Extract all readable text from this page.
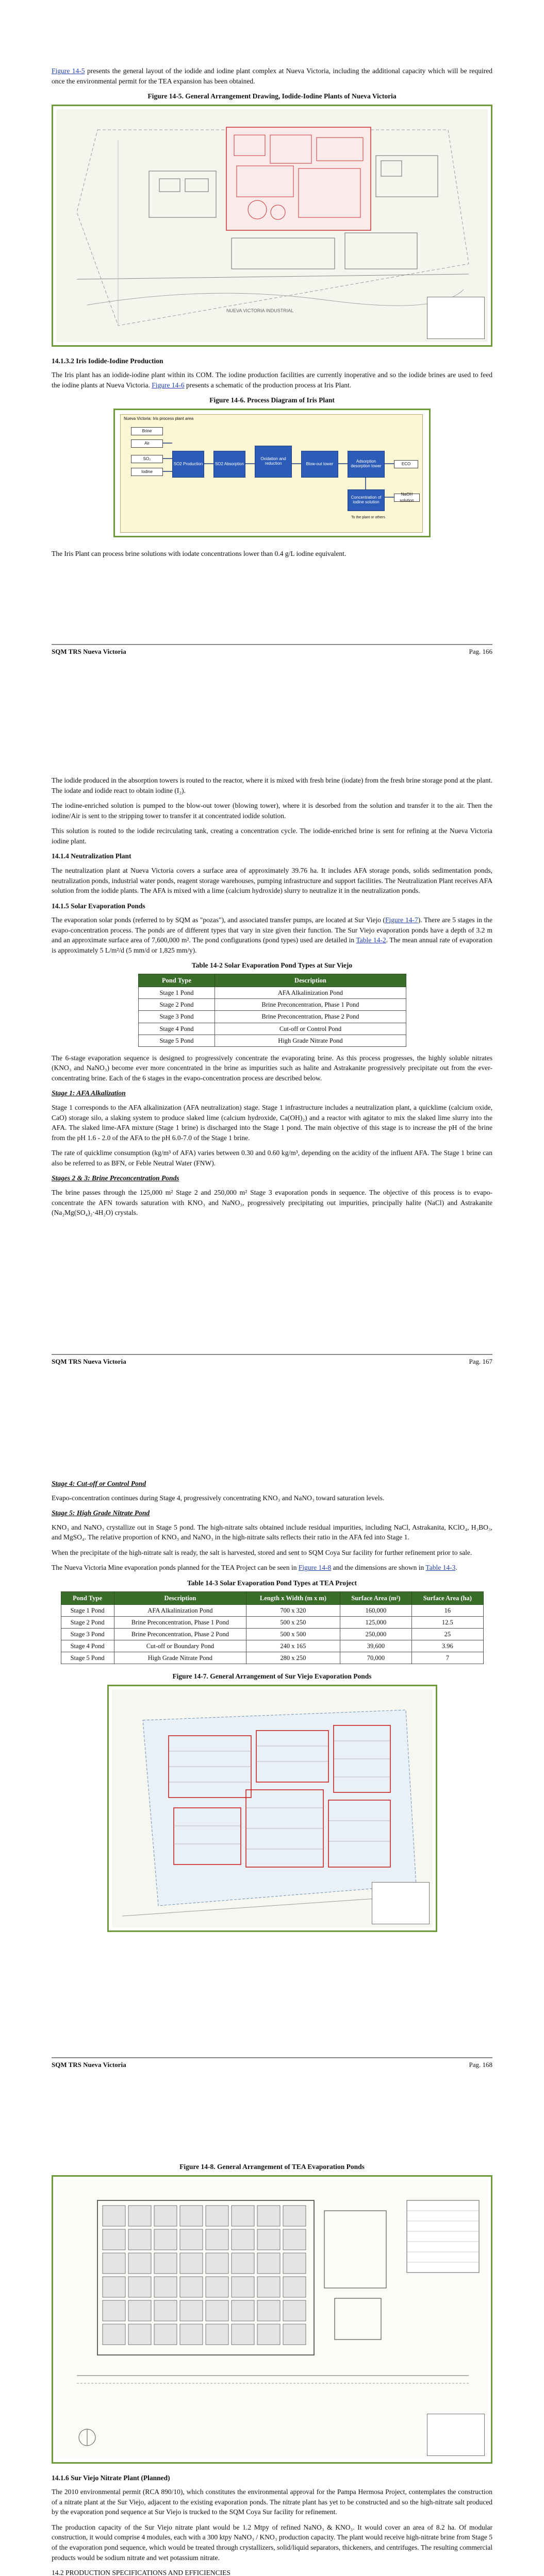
Figure 14-5 presents the general layout of the iodide and iodine plant complex at Nueva Victoria, including the additional capacity which will be required once the environmental permit for the TEA expansion has been obtained.

Figure 14-5. General Arrangement Drawing, Iodide-Iodine Plants of Nueva Victoria
NUEVA VICTORIA INDUSTRIAL
14.1.3.2 Iris Iodide-Iodine Production

The Iris plant has an iodide-iodine plant within its COM. The iodine production facilities are currently inoperative and so the iodide brines are used to feed the iodine plants at Nueva Victoria. Figure 14-6 presents a schematic of the production process at Iris Plant.

Figure 14-6. Process Diagram of Iris Plant
Nueva Victoria: Iris process plant area
Brine
Air
SO₂
Iodine
SO2 Production	SO2 Absorption
Oxidation and reduction	Blow-out tower	Adsorption desorption tower
Concentration of iodine solution
ECO
NaOH solution
To the plant or others

The Iris Plant can process brine solutions with iodate concentrations lower than 0.4 g/L iodine equivalent.

SQM TRS Nueva Victoria	Pag. 166

The iodide produced in the absorption towers is routed to the reactor, where it is mixed with fresh brine (iodate) from the fresh brine storage pond at the plant. The iodate and iodide react to obtain iodine (I₂).

The iodine-enriched solution is pumped to the blow-out tower (blowing tower), where it is desorbed from the solution and transfer it to the air. Then the iodine/Air is sent to the stripping tower to transfer it at concentrated iodide solution.

This solution is routed to the iodide recirculating tank, creating a concentration cycle. The iodide-enriched brine is sent for refining at the Nueva Victoria iodine plant.

14.1.4 Neutralization Plant

The neutralization plant at Nueva Victoria covers a surface area of approximately 39.76 ha. It includes AFA storage ponds, solids sedimentation ponds, neutralization ponds, industrial water ponds, reagent storage warehouses, pumping infrastructure and support facilities. The Neutralization Plant receives AFA solution from the iodide plants. The AFA is mixed with a lime (calcium hydroxide) slurry to neutralize it in the neutralization ponds.

14.1.5 Solar Evaporation Ponds

The evaporation solar ponds (referred to by SQM as "pozas"), and associated transfer pumps, are located at Sur Viejo (Figure 14-7). There are 5 stages in the evapo-concentration process. The ponds are of different types that vary in size given their function. The Sur Viejo evaporation ponds have a depth of 3.2 m and an approximate surface area of 7,600,000 m². The pond configurations (pond types) used are detailed in Table 14-2. The mean annual rate of evaporation is approximately 5 L/m²/d (5 mm/d or 1,825 mm/y).

Table 14-2 Solar Evaporation Pond Types at Sur Viejo
Pond Type	Description
Stage 1 Pond	AFA Alkalinization Pond
Stage 2 Pond	Brine Preconcentration, Phase 1 Pond
Stage 3 Pond	Brine Preconcentration, Phase 2 Pond
Stage 4 Pond	Cut-off or Control Pond
Stage 5 Pond	High Grade Nitrate Pond

The 6-stage evaporation sequence is designed to progressively concentrate the evaporating brine. As this process progresses, the highly soluble nitrates (KNO₃ and NaNO₃) become ever more concentrated in the brine as impurities such as halite and Astrakanite progressively precipitate out from the ever-concentrating brine. Each of the 6 stages in the evapo-concentration process are described below.

Stage 1: AFA Alkalization

Stage 1 corresponds to the AFA alkalinization (AFA neutralization) stage. Stage 1 infrastructure includes a neutralization plant, a quicklime (calcium oxide, CaO) storage silo, a slaking system to produce slaked lime (calcium hydroxide, Ca(OH)₂) and a reactor with agitator to mix the slaked lime slurry into the AFA. The slaked lime-AFA mixture (Stage 1 brine) is discharged into the Stage 1 pond. The main objective of this stage is to increase the pH of the brine from the pH 1.6 - 2.0 of the AFA to the pH 6.0-7.0 of the Stage 1 brine.

The rate of quicklime consumption (kg/m³ of AFA) varies between 0.30 and 0.60 kg/m³, depending on the acidity of the influent AFA. The Stage 1 brine can also be referred to as BFN, or Feble Neutral Water (FNW).

Stages 2 & 3: Brine Preconcentration Ponds

The brine passes through the 125,000 m² Stage 2 and 250,000 m² Stage 3 evaporation ponds in sequence. The objective of this process is to evapo-concentrate the AFN towards saturation with KNO₃ and NaNO₃, progressively precipitating out impurities, principally halite (NaCl) and Astrakanite (Na₂Mg(SO₄)₂·4H₂O) crystals.

SQM TRS Nueva Victoria	Pag. 167
Stage 4: Cut-off or Control Pond

Evapo-concentration continues during Stage 4, progressively concentrating KNO₃ and NaNO₃ toward saturation levels.

Stage 5: High Grade Nitrate Pond

KNO₃ and NaNO₃ crystallize out in Stage 5 pond. The high-nitrate salts obtained include residual impurities, including NaCl, Astrakanita, KClO₄, H₃BO₃, and MgSO₄. The relative proportion of KNO₃ and NaNO₃ in the high-nitrate salts reflects their ratio in the AFA fed into Stage 1.

When the precipitate of the high-nitrate salt is ready, the salt is harvested, stored and sent to SQM Coya Sur facility for further refinement prior to sale.

The Nueva Victoria Mine evaporation ponds planned for the TEA Project can be seen in Figure 14-8 and the dimensions are shown in Table 14-3.

Table 14-3 Solar Evaporation Pond Types at TEA Project
Pond Type	Description	Length x Width (m x m)	Surface Area (m²)	Surface Area (ha)
Stage 1 Pond	AFA Alkalinization Pond	700 x 320	160,000	16
Stage 2 Pond	Brine Preconcentration, Phase 1 Pond	500 x 250	125,000	12.5
Stage 3 Pond	Brine Preconcentration, Phase 2 Pond	500 x 500	250,000	25
Stage 4 Pond	Cut-off or Boundary Pond	240 x 165	39,600	3.96
Stage 5 Pond	High Grade Nitrate Pond	280 x 250	70,000	7
Figure 14-7. General Arrangement of Sur Viejo Evaporation Ponds
SQM TRS Nueva Victoria	Pag. 168
Figure 14-8. General Arrangement of TEA Evaporation Ponds
14.1.6 Sur Viejo Nitrate Plant (Planned)

The 2010 environmental permit (RCA 890/10), which constitutes the environmental approval for the Pampa Hermosa Project, contemplates the construction of a nitrate plant at the Sur Viejo, adjacent to the existing evaporation ponds. The nitrate plant has yet to be constructed and so the high-nitrate salt produced by the evaporation pond sequence at Sur Viejo is trucked to the SQM Coya Sur facility for refinement.

The production capacity of the Sur Viejo nitrate plant would be 1.2 Mtpy of refined NaNO₃ & KNO₃. It would cover an area of 8.2 ha. Of modular construction, it would comprise 4 modules, each with a 300 ktpy NaNO₃ / KNO₃ production capacity. The plant would receive high-nitrate brine from Stage 5 of the evaporation pond sequence, which would be treated through crystallizers, solid/liquid separators, thickeners, and centrifuges. The resulting commercial products would be sodium nitrate and wet potassium nitrate.

14.2 PRODUCTION SPECIFICATIONS AND EFFICIENCIES
